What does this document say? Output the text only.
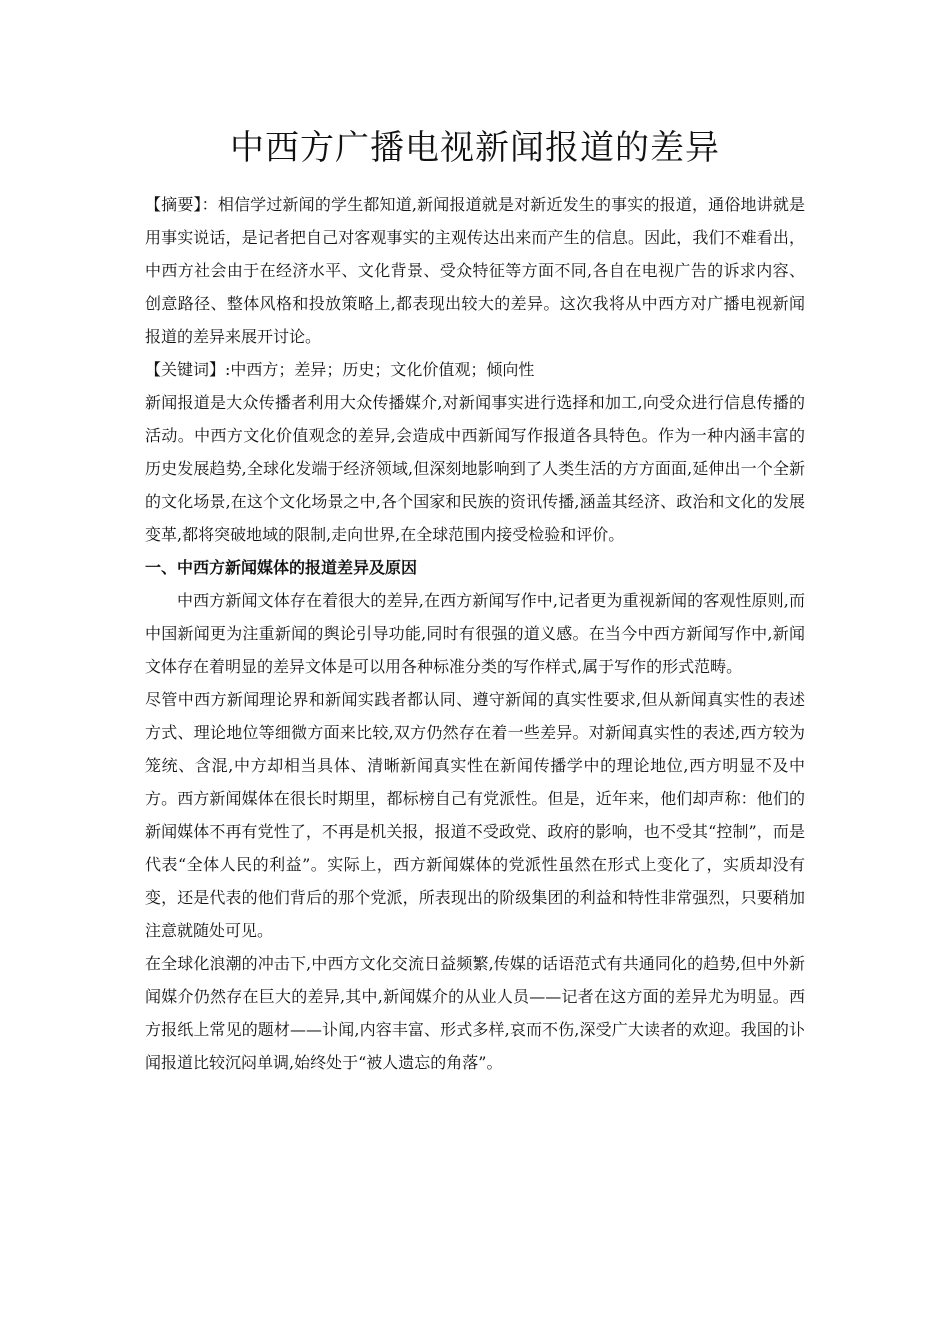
中西方广播电视新闻报道的差异

【摘要】：相信学过新闻的学生都知道,新闻报道就是对新近发生的事实的报道，通俗地讲就是用事实说话，是记者把自己对客观事实的主观传达出来而产生的信息。因此，我们不难看出，中西方社会由于在经济水平、文化背景、受众特征等方面不同,各自在电视广告的诉求内容、创意路径、整体风格和投放策略上,都表现出较大的差异。这次我将从中西方对广播电视新闻报道的差异来展开讨论。

【关键词】:中西方；差异；历史；文化价值观；倾向性

新闻报道是大众传播者利用大众传播媒介,对新闻事实进行选择和加工,向受众进行信息传播的活动。中西方文化价值观念的差异,会造成中西新闻写作报道各具特色。作为一种内涵丰富的历史发展趋势,全球化发端于经济领域,但深刻地影响到了人类生活的方方面面,延伸出一个全新的文化场景,在这个文化场景之中,各个国家和民族的资讯传播,涵盖其经济、政治和文化的发展变革,都将突破地域的限制,走向世界,在全球范围内接受检验和评价。

一、中西方新闻媒体的报道差异及原因

中西方新闻文体存在着很大的差异,在西方新闻写作中,记者更为重视新闻的客观性原则,而中国新闻更为注重新闻的舆论引导功能,同时有很强的道义感。在当今中西方新闻写作中,新闻文体存在着明显的差异文体是可以用各种标准分类的写作样式,属于写作的形式范畴。

尽管中西方新闻理论界和新闻实践者都认同、遵守新闻的真实性要求,但从新闻真实性的表述方式、理论地位等细微方面来比较,双方仍然存在着一些差异。对新闻真实性的表述,西方较为笼统、含混,中方却相当具体、清晰新闻真实性在新闻传播学中的理论地位,西方明显不及中方。西方新闻媒体在很长时期里，都标榜自己有党派性。但是，近年来，他们却声称：他们的新闻媒体不再有党性了，不再是机关报，报道不受政党、政府的影响，也不受其“控制”，而是代表“全体人民的利益”。实际上，西方新闻媒体的党派性虽然在形式上变化了，实质却没有变，还是代表的他们背后的那个党派，所表现出的阶级集团的利益和特性非常强烈，只要稍加注意就随处可见。

在全球化浪潮的冲击下,中西方文化交流日益频繁,传媒的话语范式有共通同化的趋势,但中外新闻媒介仍然存在巨大的差异,其中,新闻媒介的从业人员——记者在这方面的差异尤为明显。西方报纸上常见的题材——讣闻,内容丰富、形式多样,哀而不伤,深受广大读者的欢迎。我国的讣闻报道比较沉闷单调,始终处于“被人遗忘的角落”。
